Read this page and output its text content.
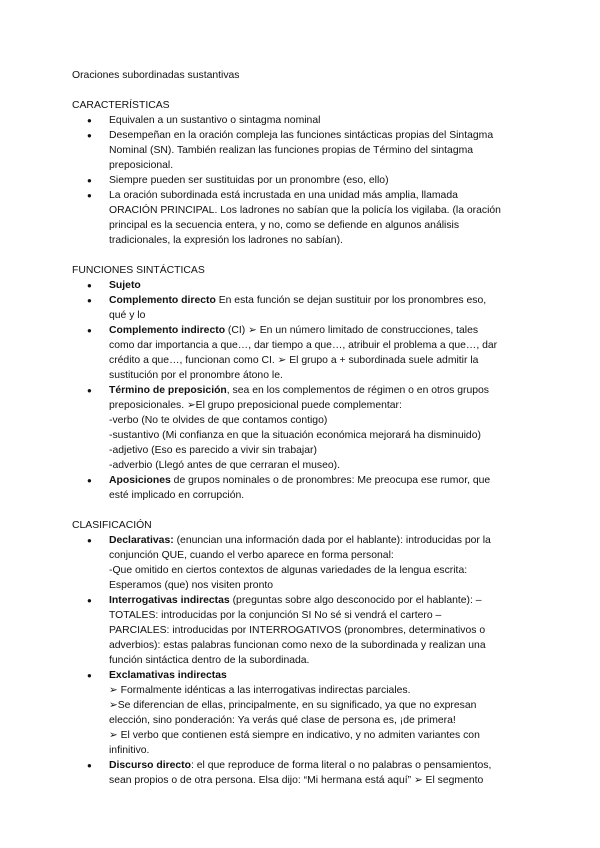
Oraciones subordinadas sustantivas

CARACTERÍSTICAS

● Equivalen a un sustantivo o sintagma nominal
● Desempeñan en la oración compleja las funciones sintácticas propias del Sintagma
Nominal (SN). También realizan las funciones propias de Término del sintagma
preposicional.
● Siempre pueden ser sustituidas por un pronombre (eso, ello)
● La oración subordinada está incrustada en una unidad más amplia, llamada
ORACIÓN PRINCIPAL. Los ladrones no sabían que la policía los vigilaba. (la oración
principal es la secuencia entera, y no, como se defiende en algunos análisis
tradicionales, la expresión los ladrones no sabían).

FUNCIONES SINTÁCTICAS

● Sujeto
● Complemento directo En esta función se dejan sustituir por los pronombres eso,
qué y lo
● Complemento indirecto (CI) ➢ En un número limitado de construcciones, tales
como dar importancia a que…, dar tiempo a que…, atribuir el problema a que…, dar
crédito a que…, funcionan como CI. ➢ El grupo a + subordinada suele admitir la
sustitución por el pronombre átono le.
● Término de preposición, sea en los complementos de régimen o en otros grupos
preposicionales. ➢El grupo preposicional puede complementar:
-verbo (No te olvides de que contamos contigo)
-sustantivo (Mi confianza en que la situación económica mejorará ha disminuido)
-adjetivo (Eso es parecido a vivir sin trabajar)
-adverbio (Llegó antes de que cerraran el museo).
● Aposiciones de grupos nominales o de pronombres: Me preocupa ese rumor, que
esté implicado en corrupción.

CLASIFICACIÓN

● Declarativas: (enuncian una información dada por el hablante): introducidas por la
conjunción QUE, cuando el verbo aparece en forma personal:
-Que omitido en ciertos contextos de algunas variedades de la lengua escrita:
Esperamos (que) nos visiten pronto
● Interrogativas indirectas (preguntas sobre algo desconocido por el hablante): –
TOTALES: introducidas por la conjunción SI No sé si vendrá el cartero –
PARCIALES: introducidas por INTERROGATIVOS (pronombres, determinativos o
adverbios): estas palabras funcionan como nexo de la subordinada y realizan una
función sintáctica dentro de la subordinada.
● Exclamativas indirectas
➢ Formalmente idénticas a las interrogativas indirectas parciales.
➢Se diferencian de ellas, principalmente, en su significado, ya que no expresan
elección, sino ponderación: Ya verás qué clase de persona es, ¡de primera!
➢ El verbo que contienen está siempre en indicativo, y no admiten variantes con
infinitivo.
● Discurso directo: el que reproduce de forma literal o no palabras o pensamientos,
sean propios o de otra persona. Elsa dijo: “Mi hermana está aquí” ➢ El segmento
